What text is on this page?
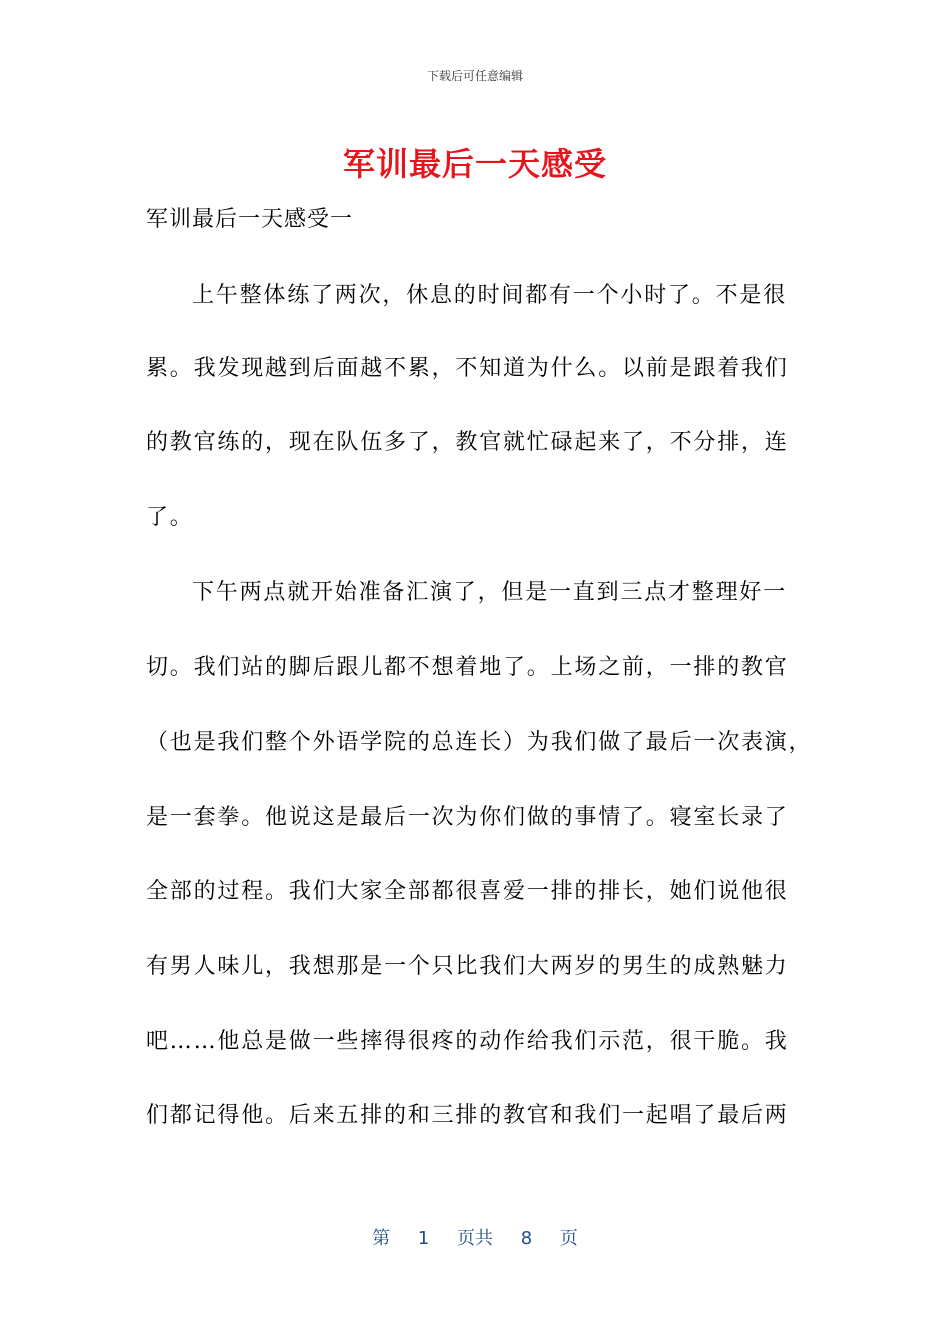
下载后可任意编辑
军训最后一天感受
军训最后一天感受一
上午整体练了两次，休息的时间都有一个小时了。不是很
累。我发现越到后面越不累，不知道为什么。以前是跟着我们
的教官练的，现在队伍多了，教官就忙碌起来了，不分排，连
了。
下午两点就开始准备汇演了，但是一直到三点才整理好一
切。我们站的脚后跟儿都不想着地了。上场之前，一排的教官
（也是我们整个外语学院的总连长）为我们做了最后一次表演，
是一套拳。他说这是最后一次为你们做的事情了。寝室长录了
全部的过程。我们大家全部都很喜爱一排的排长，她们说他很
有男人味儿，我想那是一个只比我们大两岁的男生的成熟魅力
吧……他总是做一些摔得很疼的动作给我们示范，很干脆。我
们都记得他。后来五排的和三排的教官和我们一起唱了最后两
第 1 页共 8 页
